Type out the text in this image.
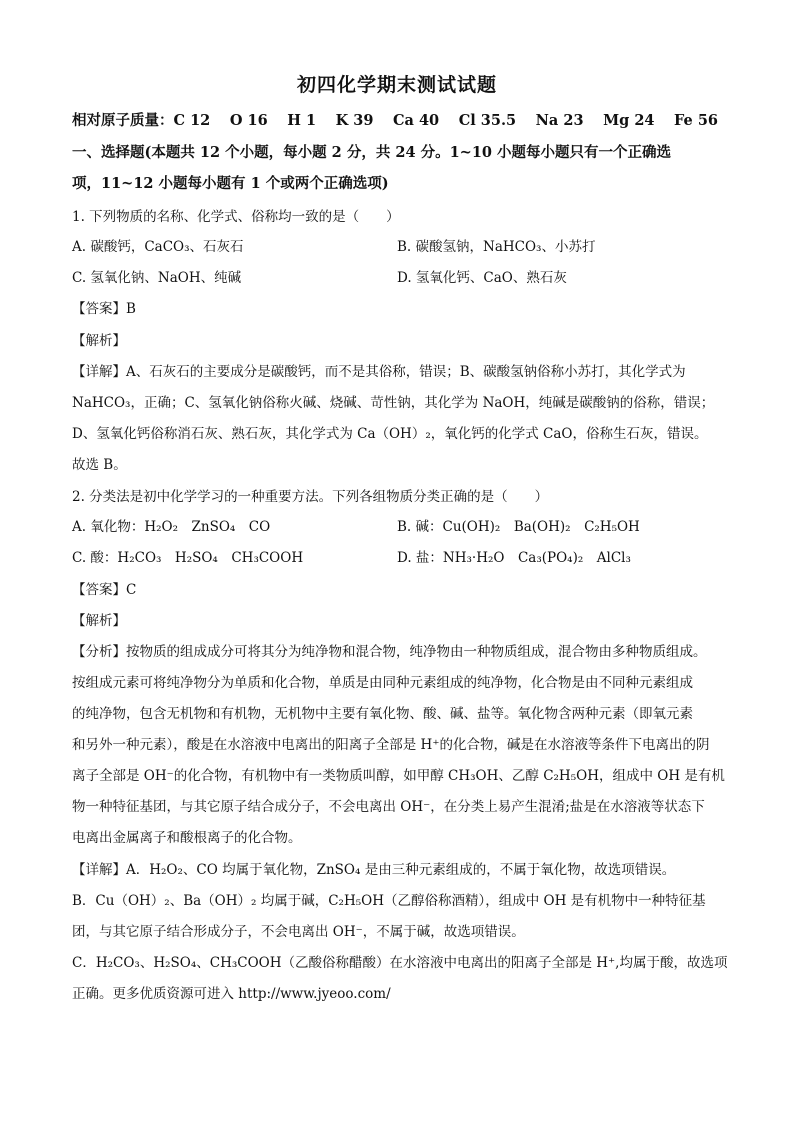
初四化学期末测试试题
相对原子质量：C 12　 O 16　 H 1　 K 39　 Ca 40　 Cl 35.5　 Na 23　 Mg 24　 Fe 56
一、选择题(本题共 12 个小题，每小题 2 分，共 24 分。1~10 小题每小题只有一个正确选
项，11~12 小题每小题有 1 个或两个正确选项)
1. 下列物质的名称、化学式、俗称均一致的是（　　）
A. 碳酸钙，CaCO₃、石灰石	B. 碳酸氢钠，NaHCO₃、小苏打
C. 氢氧化钠、NaOH、纯碱	D. 氢氧化钙、CaO、熟石灰
【答案】B
【解析】
【详解】A、石灰石的主要成分是碳酸钙，而不是其俗称，错误；B、碳酸氢钠俗称小苏打，其化学式为
NaHCO₃，正确；C、氢氧化钠俗称火碱、烧碱、苛性钠，其化学为 NaOH，纯碱是碳酸钠的俗称，错误；
D、氢氧化钙俗称消石灰、熟石灰，其化学式为 Ca（OH）₂，氧化钙的化学式 CaO，俗称生石灰，错误。
故选 B。
2. 分类法是初中化学学习的一种重要方法。下列各组物质分类正确的是（　　）
A. 氧化物：H₂O₂　ZnSO₄　CO	B. 碱：Cu(OH)₂　Ba(OH)₂　C₂H₅OH
C. 酸：H₂CO₃　H₂SO₄　CH₃COOH	D. 盐：NH₃·H₂O　Ca₃(PO₄)₂　AlCl₃
【答案】C
【解析】
【分析】按物质的组成成分可将其分为纯净物和混合物，纯净物由一种物质组成，混合物由多种物质组成。
按组成元素可将纯净物分为单质和化合物，单质是由同种元素组成的纯净物，化合物是由不同种元素组成
的纯净物，包含无机物和有机物，无机物中主要有氧化物、酸、碱、盐等。氧化物含两种元素（即氧元素
和另外一种元素），酸是在水溶液中电离出的阳离子全部是 H⁺的化合物，碱是在水溶液等条件下电离出的阴
离子全部是 OH⁻的化合物，有机物中有一类物质叫醇，如甲醇 CH₃OH、乙醇 C₂H₅OH，组成中 OH 是有机
物一种特征基团，与其它原子结合成分子，不会电离出 OH⁻，在分类上易产生混淆;盐是在水溶液等状态下
电离出金属离子和酸根离子的化合物。
【详解】A．H₂O₂、CO 均属于氧化物，ZnSO₄ 是由三种元素组成的，不属于氧化物，故选项错误。
B．Cu（OH）₂、Ba（OH）₂ 均属于碱，C₂H₅OH（乙醇俗称酒精），组成中 OH 是有机物中一种特征基
团，与其它原子结合形成分子，不会电离出 OH⁻，不属于碱，故选项错误。
C．H₂CO₃、H₂SO₄、CH₃COOH（乙酸俗称醋酸）在水溶液中电离出的阳离子全部是 H⁺,均属于酸，故选项
正确。更多优质资源可进入 http://www.jyeoo.com/
